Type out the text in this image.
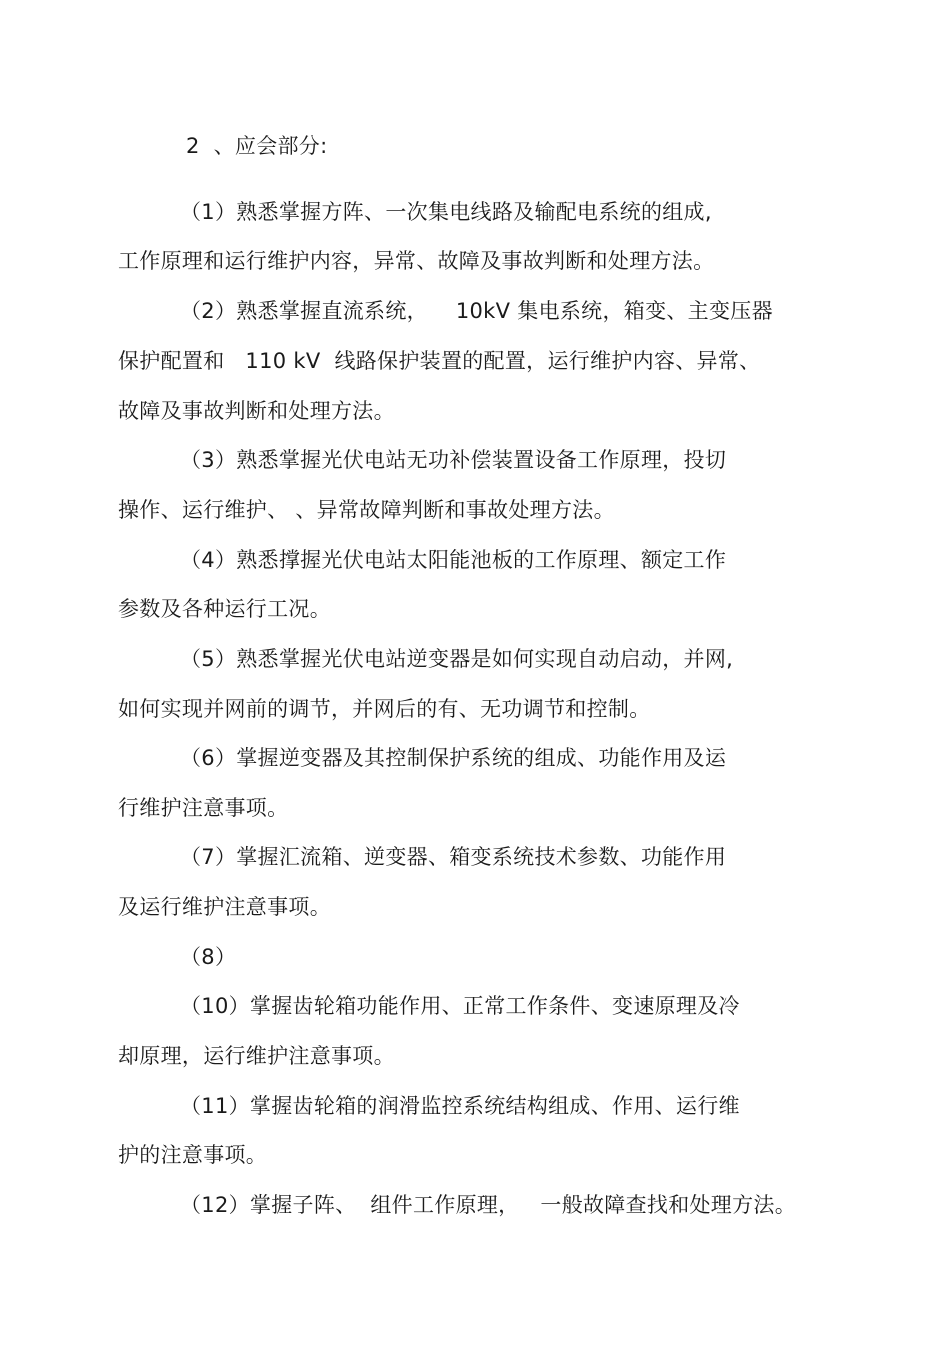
2  、应会部分:
（1）熟悉掌握方阵、一次集电线路及输配电系统的组成,
工作原理和运行维护内容，异常、故障及事故判断和处理方法。
（2）熟悉掌握直流系统，    10kV 集电系统，箱变、主变压器
保护配置和   110 kV  线路保护装置的配置，运行维护内容、异常、
故障及事故判断和处理方法。
（3）熟悉掌握光伏电站无功补偿装置设备工作原理，投切
操作、运行维护、 、异常故障判断和事故处理方法。
（4）熟悉撑握光伏电站太阳能池板的工作原理、额定工作
参数及各种运行工况。
（5）熟悉掌握光伏电站逆变器是如何实现自动启动，并网,
如何实现并网前的调节，并网后的有、无功调节和控制。
（6）掌握逆变器及其控制保护系统的组成、功能作用及运
行维护注意事项。
（7）掌握汇流箱、逆变器、箱变系统技术参数、功能作用
及运行维护注意事项。
（8）
（10）掌握齿轮箱功能作用、正常工作条件、变速原理及冷
却原理，运行维护注意事项。
（11）掌握齿轮箱的润滑监控系统结构组成、作用、运行维
护的注意事项。
（12）掌握子阵、  组件工作原理，   一般故障查找和处理方法。
